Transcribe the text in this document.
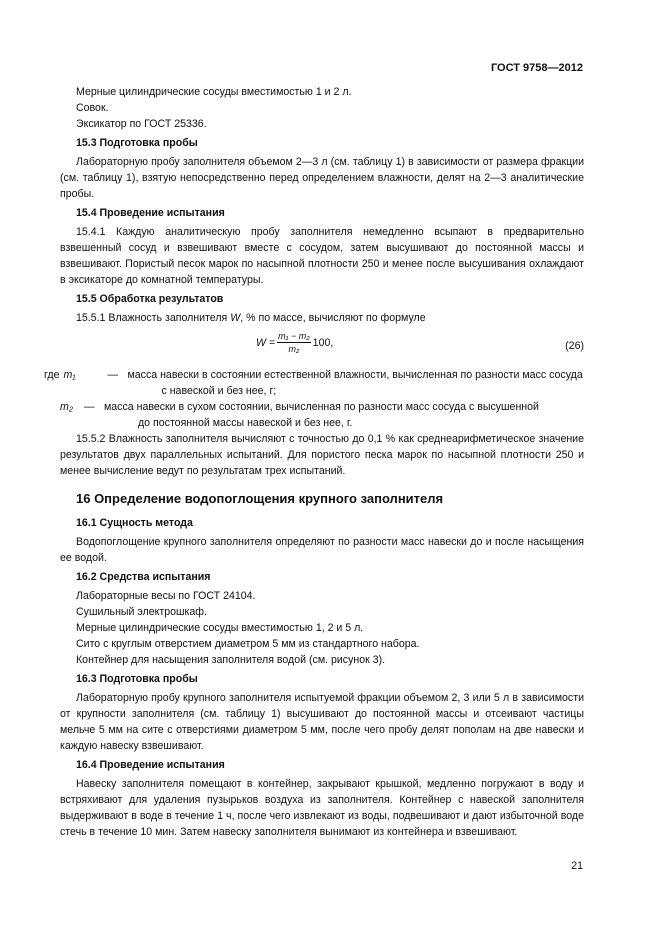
ГОСТ 9758—2012

Мерные цилиндрические сосуды вместимостью 1 и 2 л.

Совок.

Эксикатор по ГОСТ 25336.

15.3 Подготовка пробы

Лабораторную пробу заполнителя объемом 2—3 л (см. таблицу 1) в зависимости от размера фракции (см. таблицу 1), взятую непосредственно перед определением влажности, делят на 2—3 аналитические пробы.

15.4 Проведение испытания

15.4.1 Каждую аналитическую пробу заполнителя немедленно всыпают в предварительно взвешенный сосуд и взвешивают вместе с сосудом, затем высушивают до постоянной массы и взвешивают. Пористый песок марок по насыпной плотности 250 и менее после высушивания охлаждают в эксикаторе до комнатной температуры.

15.5 Обработка результатов

15.5.1 Влажность заполнителя W, % по массе, вычисляют по формуле

W
= $\frac{\text{m₁ − m₂}}{\text{m₂}} 100$,	(26)
где m₁	— масса навески в состоянии естественной влажности, вычисленная по разности масс сосуда
с навеской и без нее, г;
m₂	— масса навески в сухом состоянии, вычисленная по разности масс сосуда с высушенной
до постоянной массы навеской и без нее, г.

15.5.2 Влажность заполнителя вычисляют с точностью до 0,1 % как среднеарифметическое значение результатов двух параллельных испытаний. Для пористого песка марок по насыпной плотности 250 и менее вычисление ведут по результатам трех испытаний.

16 Определение водопоглощения крупного заполнителя
16.1 Сущность метода

Водопоглощение крупного заполнителя определяют по разности масс навески до и после насыщения ее водой.

16.2 Средства испытания

Лабораторные весы по ГОСТ 24104.

Сушильный электрошкаф.

Мерные цилиндрические сосуды вместимостью 1, 2 и 5 л.

Сито с круглым отверстием диаметром 5 мм из стандартного набора.

Контейнер для насыщения заполнителя водой (см. рисунок 3).

16.3 Подготовка пробы

Лабораторную пробу крупного заполнителя испытуемой фракции объемом 2, 3 или 5 л в зависимости от крупности заполнителя (см. таблицу 1) высушивают до постоянной массы и отсеивают частицы мельче 5 мм на сите с отверстиями диаметром 5 мм, после чего пробу делят пополам на две навески и каждую навеску взвешивают.

16.4 Проведение испытания

Навеску заполнителя помещают в контейнер, закрывают крышкой, медленно погружают в воду и встряхивают для удаления пузырьков воздуха из заполнителя. Контейнер с навеской заполнителя выдерживают в воде в течение 1 ч, после чего извлекают из воды, подвешивают и дают избыточной воде стечь в течение 10 мин. Затем навеску заполнителя вынимают из контейнера и взвешивают.

21
